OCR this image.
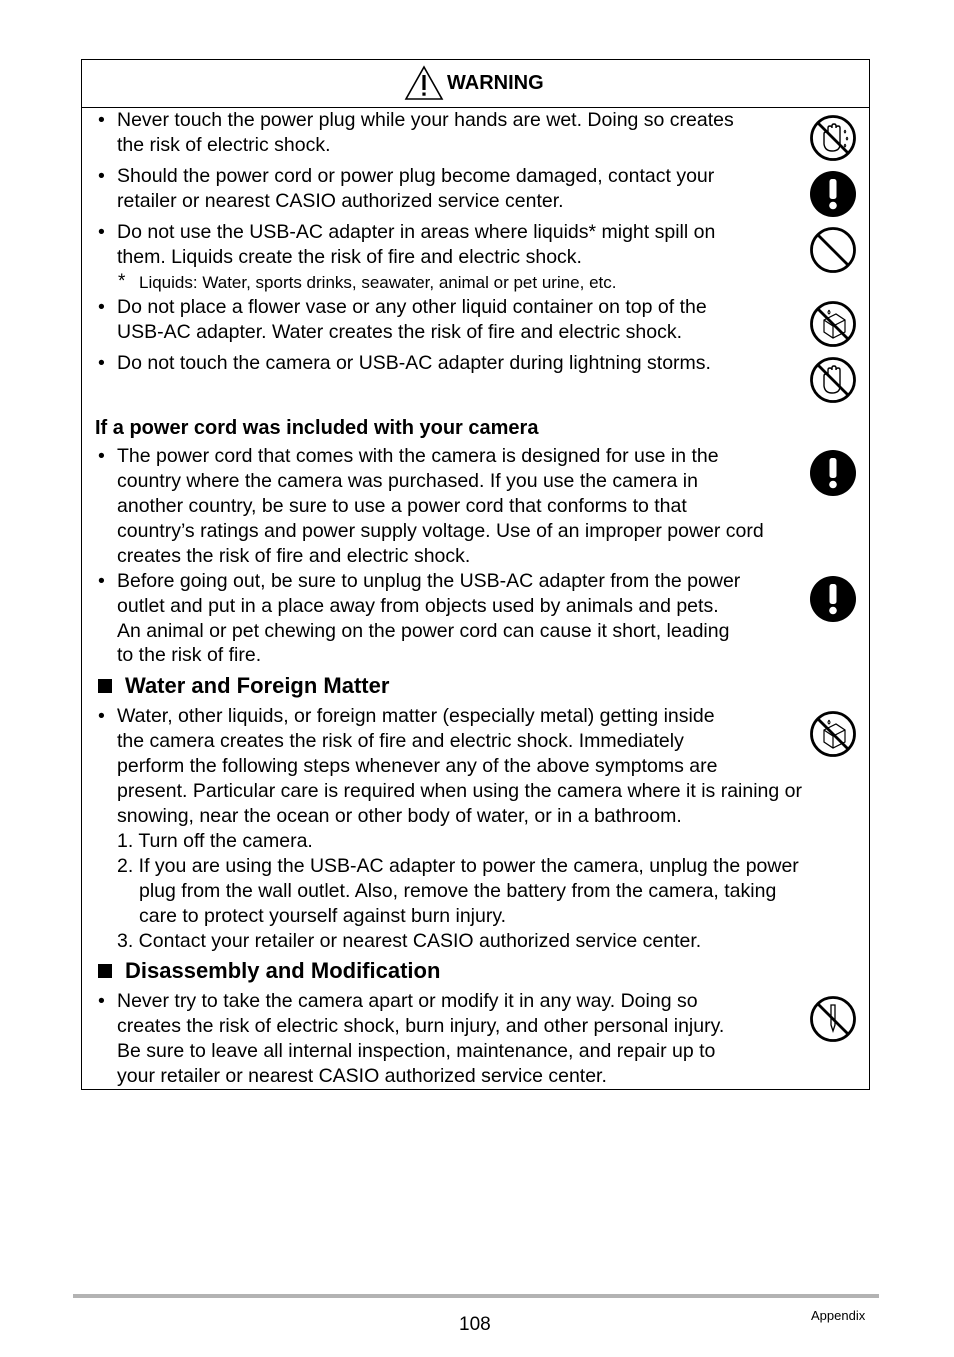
WARNING
• Never touch the power plug while your hands are wet. Doing so creates
the risk of electric shock.
• Should the power cord or power plug become damaged, contact your
retailer or nearest CASIO authorized service center.
• Do not use the USB-AC adapter in areas where liquids* might spill on
them. Liquids create the risk of fire and electric shock.
* Liquids: Water, sports drinks, seawater, animal or pet urine, etc.
• Do not place a flower vase or any other liquid container on top of the
USB-AC adapter. Water creates the risk of fire and electric shock.
• Do not touch the camera or USB-AC adapter during lightning storms.
If a power cord was included with your camera
• The power cord that comes with the camera is designed for use in the
country where the camera was purchased. If you use the camera in
another country, be sure to use a power cord that conforms to that
country’s ratings and power supply voltage. Use of an improper power cord
creates the risk of fire and electric shock.
• Before going out, be sure to unplug the USB-AC adapter from the power
outlet and put in a place away from objects used by animals and pets.
An animal or pet chewing on the power cord can cause it short, leading
to the risk of fire.
Water and Foreign Matter
• Water, other liquids, or foreign matter (especially metal) getting inside
the camera creates the risk of fire and electric shock. Immediately
perform the following steps whenever any of the above symptoms are
present. Particular care is required when using the camera where it is raining or
snowing, near the ocean or other body of water, or in a bathroom.
1. Turn off the camera.
2. If you are using the USB-AC adapter to power the camera, unplug the power
plug from the wall outlet. Also, remove the battery from the camera, taking
care to protect yourself against burn injury.
3. Contact your retailer or nearest CASIO authorized service center.
Disassembly and Modification
• Never try to take the camera apart or modify it in any way. Doing so
creates the risk of electric shock, burn injury, and other personal injury.
Be sure to leave all internal inspection, maintenance, and repair up to
your retailer or nearest CASIO authorized service center.
108	Appendix
